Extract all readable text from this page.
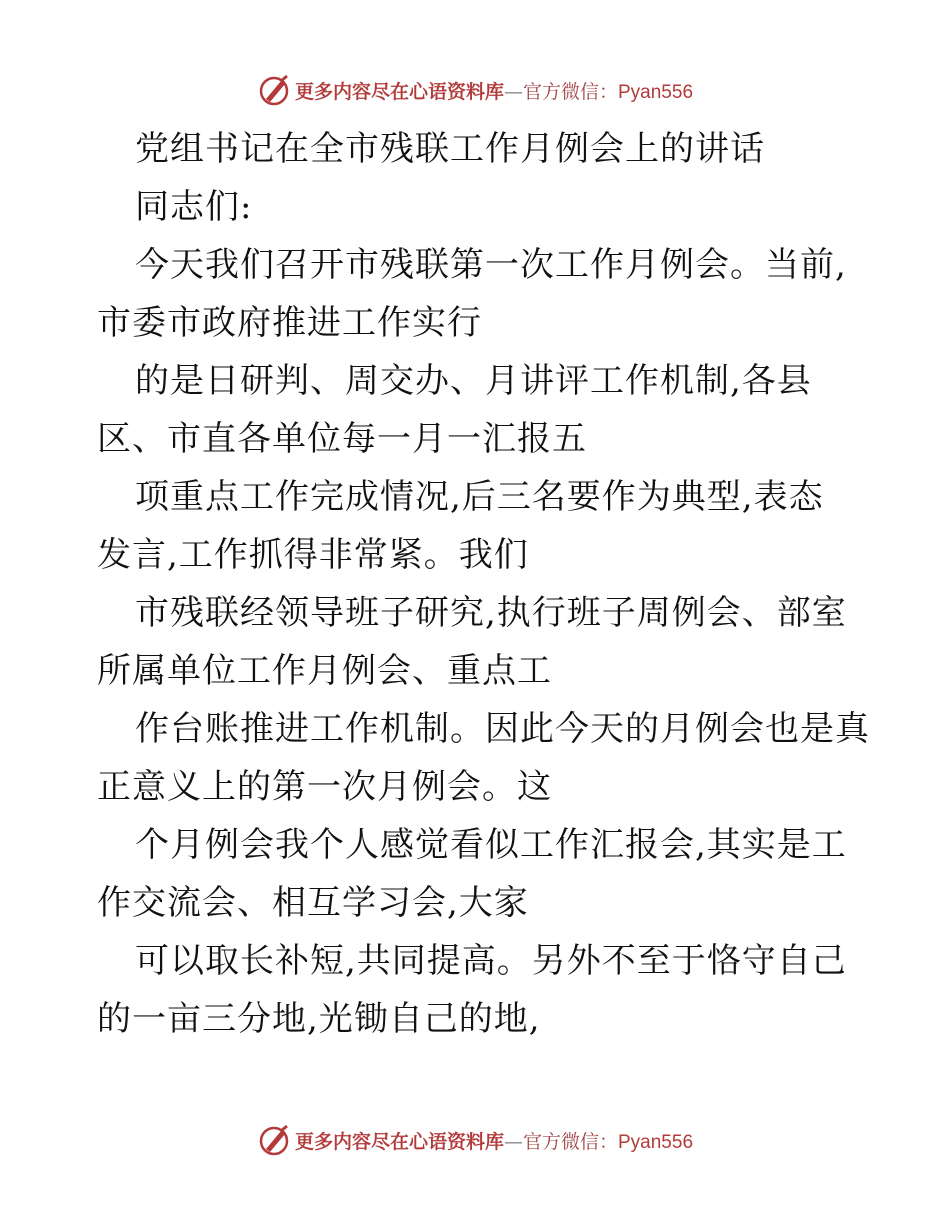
更多内容尽在心语资料库—官方微信：Pyan556
党组书记在全市残联工作月例会上的讲话
同志们:
今天我们召开市残联第一次工作月例会。当前,
市委市政府推进工作实行
的是日研判、周交办、月讲评工作机制,各县
区、市直各单位每一月一汇报五
项重点工作完成情况,后三名要作为典型,表态
发言,工作抓得非常紧。我们
市残联经领导班子研究,执行班子周例会、部室
所属单位工作月例会、重点工
作台账推进工作机制。因此今天的月例会也是真
正意义上的第一次月例会。这
个月例会我个人感觉看似工作汇报会,其实是工
作交流会、相互学习会,大家
可以取长补短,共同提高。另外不至于恪守自己
的一亩三分地,光锄自己的地,
更多内容尽在心语资料库—官方微信：Pyan556
